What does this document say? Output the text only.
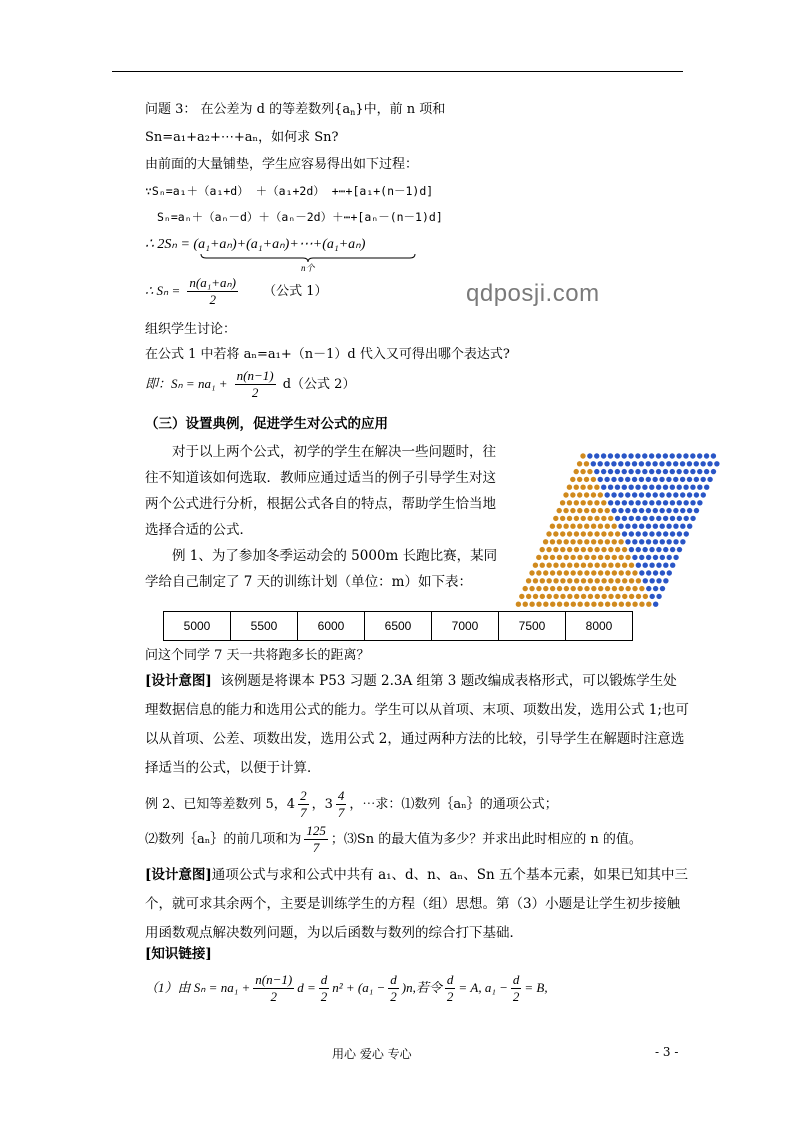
问题 3： 在公差为 d 的等差数列$\{a_n\}$中，前 n 项和
Sn=a₁+a₂+⋯+aₙ，如何求 Sn?
由前面的大量铺垫，学生应容易得出如下过程：
∵Sₙ=a₁＋（a₁+d） ＋（a₁+2d） +⋯+[a₁+(n－1)d]
Sₙ=aₙ＋（aₙ－d）＋（aₙ－2d）＋⋯+[aₙ－(n－1)d]
∴ 2Sₙ = (a₁+aₙ)+(a₁+aₙ)+⋯+(a₁+aₙ)
n个
∴ $S_n = \frac{\text{n(a₁+aₙ)}}{2}$ （公式 1）
组织学生讨论：
在公式 1 中若将 aₙ=a₁+（n－1）d 代入又可得出哪个表达式?
即：$S_n = na_1 + \frac{n(n-1)}{2} d$（公式 2）
（三）设置典例，促进学生对公式的应用
对于以上两个公式，初学的学生在解决一些问题时，往往不知道该如何选取．教师应通过适当的例子引导学生对这两个公式进行分析，根据公式各自的特点，帮助学生恰当地选择合适的公式．
例 1、为了参加冬季运动会的 5000m 长跑比赛，某同学给自己制定了 7 天的训练计划（单位：m）如下表：
qdposji.com
5000	5500	6000	6500	7000	7500	8000
问这个同学 7 天一共将跑多长的距离？
[设计意图] 该例题是将课本 P53 习题 2.3A 组第 3 题改编成表格形式，可以锻炼学生处理数据信息的能力和选用公式的能力。学生可以从首项、末项、项数出发，选用公式 1;也可以从首项、公差、项数出发，选用公式 2，通过两种方法的比较，引导学生在解题时注意选择适当的公式，以便于计算．
例 2、已知等差数列 5，$4 \frac{2}{7}$ ，$3 \frac{4}{7}$ ，⋯求：⑴数列｛aₙ｝的通项公式；
⑵数列｛aₙ｝的前几项和为 $\frac{125}{7}$ ；⑶Sn 的最大值为多少？并求出此时相应的 n 的值。
[设计意图]通项公式与求和公式中共有 a₁、d、n、aₙ、Sn 五个基本元素，如果已知其中三个，就可求其余两个，主要是训练学生的方程（组）思想。第（3）小题是让学生初步接触用函数观点解决数列问题，为以后函数与数列的综合打下基础．
[知识链接]
（1）由 $S_n = na_1 + \frac{n(n-1)}{2}$ $d = \frac{d}{2} n^2 + (a_1 - \frac{d}{2} )n$,若令 $\frac{d}{2} = A$, $a_1 - \frac{d}{2} = B$,
用心 爱心 专心	- 3 -
